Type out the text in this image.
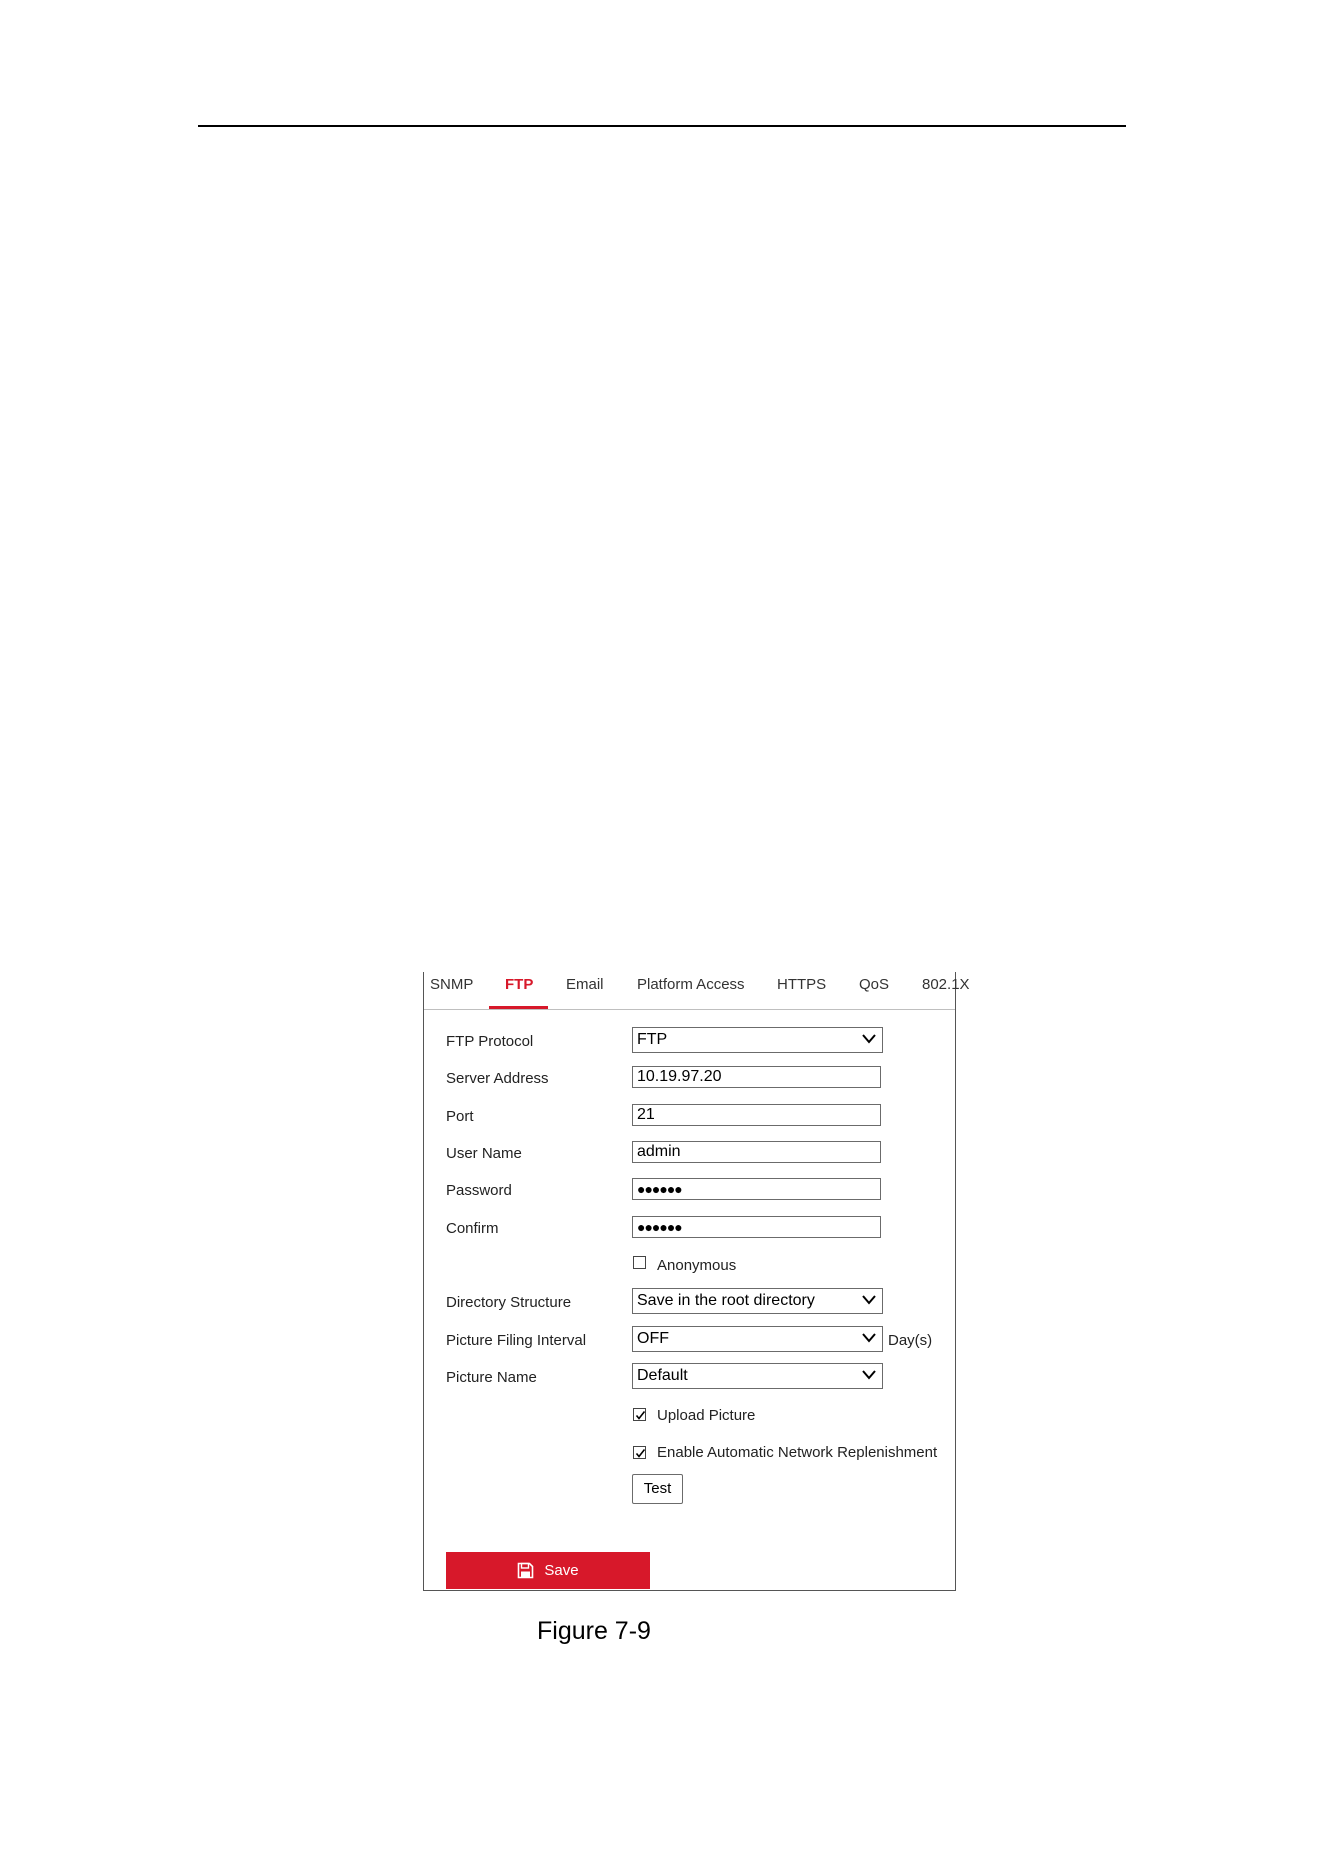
SNMP FTP Email Platform Access HTTPS QoS 802.1X
FTP Protocol	FTP
Server Address	10.19.97.20
Port	21
User Name	admin
Password	●●●●●●
Confirm	●●●●●●
Anonymous
Directory Structure	Save in the root directory
Picture Filing Interval	OFF	Day(s)
Picture Name	Default
Upload Picture
Enable Automatic Network Replenishment
Test
Save
Figure 7-9
